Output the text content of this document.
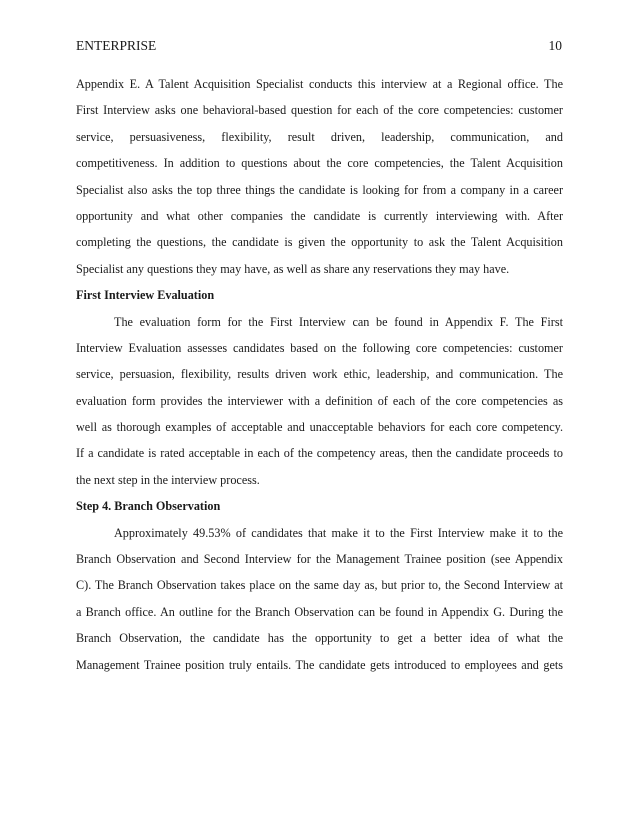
ENTERPRISE	10
Appendix E. A Talent Acquisition Specialist conducts this interview at a Regional office. The
First Interview asks one behavioral-based question for each of the core competencies: customer
service, persuasiveness, flexibility, result driven, leadership, communication, and
competitiveness. In addition to questions about the core competencies, the Talent Acquisition
Specialist also asks the top three things the candidate is looking for from a company in a career
opportunity and what other companies the candidate is currently interviewing with. After
completing the questions, the candidate is given the opportunity to ask the Talent Acquisition
Specialist any questions they may have, as well as share any reservations they may have.
First Interview Evaluation
The evaluation form for the First Interview can be found in Appendix F. The First
Interview Evaluation assesses candidates based on the following core competencies: customer
service, persuasion, flexibility, results driven work ethic, leadership, and communication. The
evaluation form provides the interviewer with a definition of each of the core competencies as
well as thorough examples of acceptable and unacceptable behaviors for each core competency.
If a candidate is rated acceptable in each of the competency areas, then the candidate proceeds to
the next step in the interview process.
Step 4. Branch Observation
Approximately 49.53% of candidates that make it to the First Interview make it to the
Branch Observation and Second Interview for the Management Trainee position (see Appendix
C). The Branch Observation takes place on the same day as, but prior to, the Second Interview at
a Branch office. An outline for the Branch Observation can be found in Appendix G. During the
Branch Observation, the candidate has the opportunity to get a better idea of what the
Management Trainee position truly entails. The candidate gets introduced to employees and gets
